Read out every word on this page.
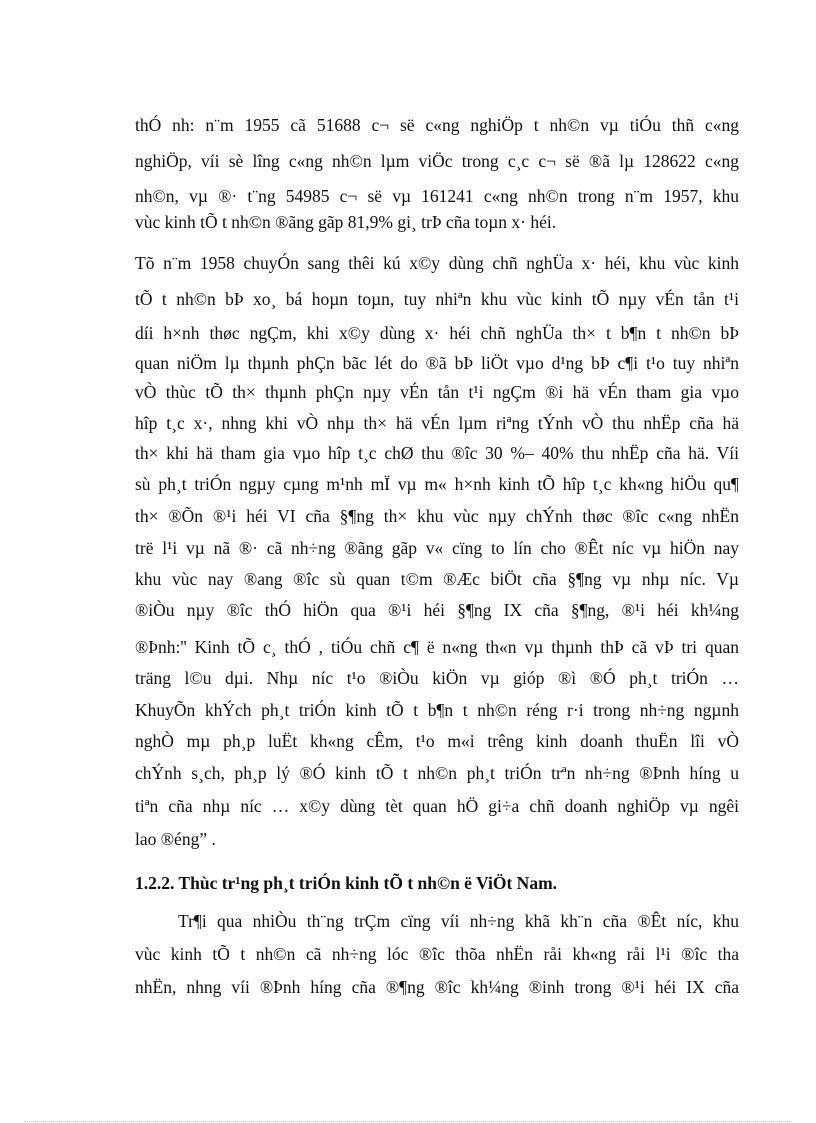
thÓ nh: n¨m 1955 cã 51688 c¬ së c«ng nghiÖp t nh©n vµ tiÓu thñ c«ng
nghiÖp, víi sè lîng c«ng nh©n lµm viÖc trong c¸c c¬ së ®ã lµ 128622 c«ng
nh©n, vµ ®· t¨ng 54985 c¬ së vµ 161241 c«ng nh©n trong n¨m 1957, khu
vùc kinh tÕ t nh©n ®ãng gãp 81,9% gi¸ trÞ cña toµn x· héi.
Tõ n¨m 1958 chuyÓn sang thêi kú x©y dùng chñ nghÜa x· héi, khu vùc kinh
tÕ t nh©n bÞ xo¸ bá hoµn toµn, tuy nhiªn khu vùc kinh tÕ nµy vÉn tån t¹i
díi h×nh thøc ngÇm, khi x©y dùng x· héi chñ nghÜa th× t b¶n t nh©n bÞ
quan niÖm lµ thµnh phÇn bãc lét do ®ã bÞ liÖt vµo d¹ng bÞ c¶i t¹o tuy nhiªn
vÒ thùc tÕ th× thµnh phÇn nµy vÉn tån t¹i ngÇm ®i hä vÉn tham gia vµo
hîp t¸c x·, nhng khi vÒ nhµ th× hä vÉn lµm riªng tÝnh vÒ thu nhËp cña hä
th× khi hä tham gia vµo hîp t¸c chØ thu ®îc 30 %– 40% thu nhËp cña hä. Víi
sù ph¸t triÓn ngµy cµng m¹nh mÏ vµ m« h×nh kinh tÕ hîp t¸c kh«ng hiÖu qu¶
th× ®Õn ®¹i héi VI cña §¶ng th× khu vùc nµy chÝnh thøc ®îc c«ng nhËn
trë l¹i vµ nã ®· cã nh÷ng ®ãng gãp v« cïng to lín cho ®Êt níc vµ hiÖn nay
khu vùc nay ®ang ®îc sù quan t©m ®Æc biÖt cña §¶ng vµ nhµ níc. Vµ
®iÒu nµy ®îc thÓ hiÖn qua ®¹i héi §¶ng IX cña §¶ng, ®¹i héi kh¼ng
®Þnh:'' Kinh tÕ c¸ thÓ , tiÓu chñ c¶ ë n«ng th«n vµ thµnh thÞ cã vÞ tri quan
träng l©u dµi. Nhµ níc t¹o ®iÒu kiÖn vµ gióp ®ì ®Ó ph¸t triÓn …
KhuyÕn khÝch ph¸t triÓn kinh tÕ t b¶n t nh©n réng r·i trong nh÷ng ngµnh
nghÒ mµ ph¸p luËt kh«ng cÊm, t¹o m«i trêng kinh doanh thuËn lîi vÒ
chÝnh s¸ch, ph¸p lý ®Ó kinh tÕ t nh©n ph¸t triÓn trªn nh÷ng ®Þnh híng u
tiªn cña nhµ níc … x©y dùng tèt quan hÖ gi÷a chñ doanh nghiÖp vµ ngêi
lao ®éng” .
1.2.2. Thùc tr¹ng ph¸t triÓn kinh tÕ t nh©n ë ViÖt Nam.
Tr¶i qua nhiÒu th¨ng trÇm cïng víi nh÷ng khã kh¨n cña ®Êt níc, khu
vùc kinh tÕ t nh©n cã nh÷ng lóc ®îc thõa nhËn råi kh«ng råi l¹i ®îc tha
nhËn, nhng víi ®Þnh híng cña ®¶ng ®îc kh¼ng ®inh trong ®¹i héi IX cña
